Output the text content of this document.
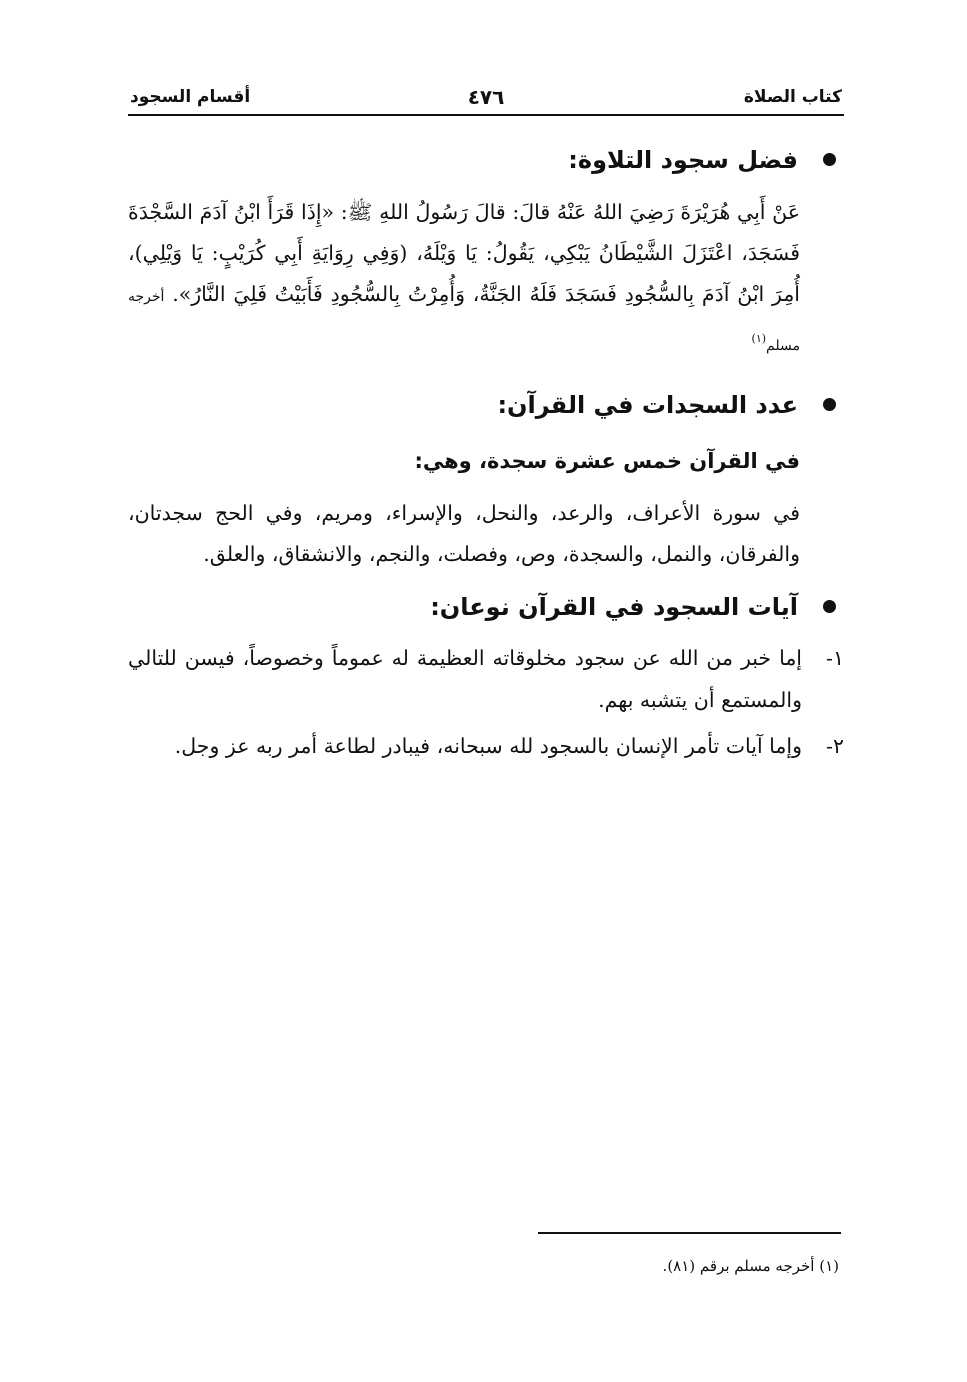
كتاب الصلاة
٤٧٦
أقسام السجود
فضل سجود التلاوة:

عَنْ أَبِي هُرَيْرَةَ رَضِيَ اللهُ عَنْهُ قالَ: قالَ رَسُولُ اللهِ ﷺ: «إِذَا قَرَأَ ابْنُ آدَمَ السَّجْدَةَ فَسَجَدَ، اعْتَزَلَ الشَّيْطَانُ يَبْكِي، يَقُولُ: يَا وَيْلَهُ، (وَفِي رِوَايَةِ أَبِي كُرَيْبٍ: يَا وَيْلِي)، أُمِرَ ابْنُ آدَمَ بِالسُّجُودِ فَسَجَدَ فَلَهُ الجَنَّةُ، وَأُمِرْتُ بِالسُّجُودِ فَأَبَيْتُ فَلِيَ النَّارُ». أخرجه مسلم$^{(١)}$

عدد السجدات في القرآن:

في القرآن خمس عشرة سجدة، وهي:

في سورة الأعراف، والرعد، والنحل، والإسراء، ومريم، وفي الحج سجدتان، والفرقان، والنمل، والسجدة، وص، وفصلت، والنجم، والانشقاق، والعلق.

آيات السجود في القرآن نوعان:

١-
إما خبر من الله عن سجود مخلوقاته العظيمة له عموماً وخصوصاً، فيسن للتالي والمستمع أن يتشبه بهم.

٢-
وإما آيات تأمر الإنسان بالسجود لله سبحانه، فيبادر لطاعة أمر ربه عز وجل.

(١) أخرجه مسلم برقم (٨١).
